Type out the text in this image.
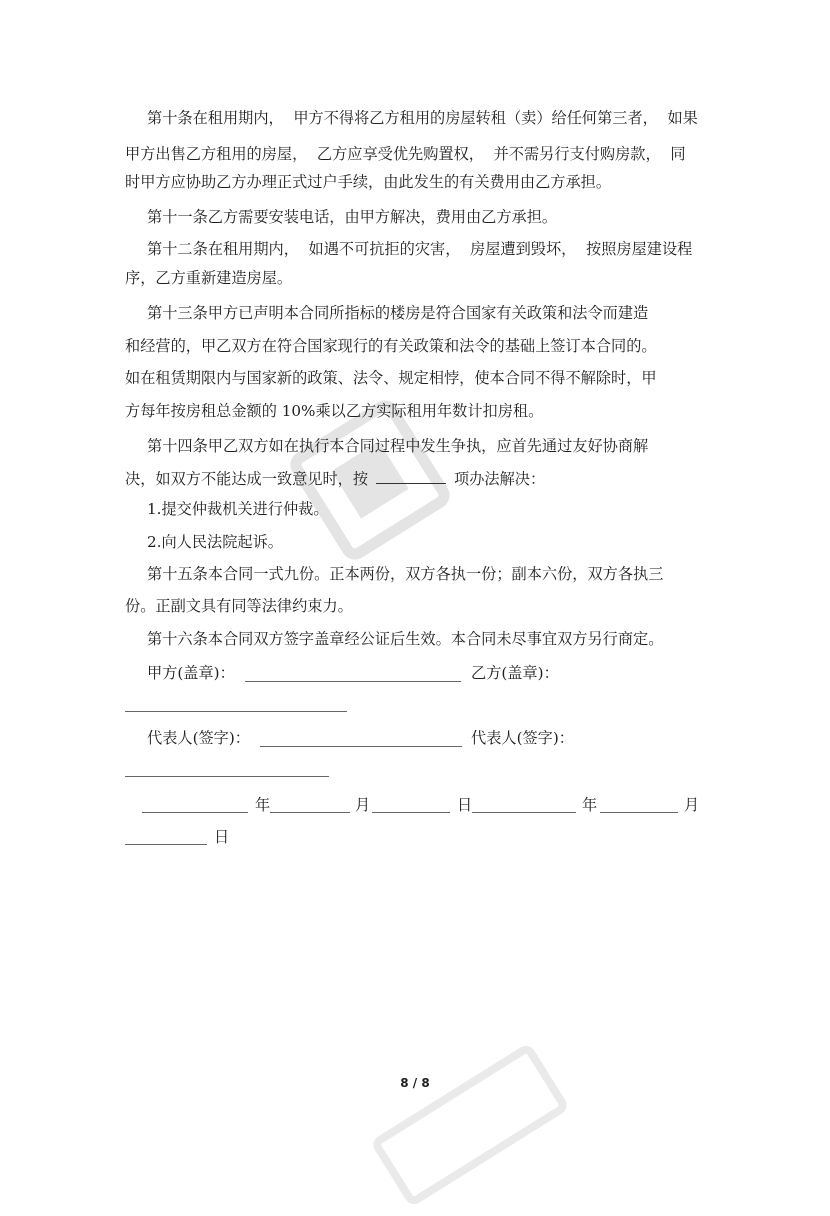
第十条在租用期内，  甲方不得将乙方租用的房屋转租（卖）给任何第三者，  如果
甲方出售乙方租用的房屋，  乙方应享受优先购置权，  并不需另行支付购房款，  同
时甲方应协助乙方办理正式过户手续，由此发生的有关费用由乙方承担。
第十一条乙方需要安装电话，由甲方解决，费用由乙方承担。
第十二条在租用期内，  如遇不可抗拒的灾害，  房屋遭到毁坏，  按照房屋建设程
序，乙方重新建造房屋。
第十三条甲方已声明本合同所指标的楼房是符合国家有关政策和法令而建造
和经营的，甲乙双方在符合国家现行的有关政策和法令的基础上签订本合同的。
如在租赁期限内与国家新的政策、法令、规定相悖，使本合同不得不解除时，甲
方每年按房租总金额的 10%乘以乙方实际租用年数计扣房租。
第十四条甲乙双方如在执行本合同过程中发生争执，应首先通过友好协商解
决，如双方不能达成一致意见时，按	项办法解决：
1.提交仲裁机关进行仲裁。
2.向人民法院起诉。
第十五条本合同一式九份。正本两份，双方各执一份；副本六份，双方各执三
份。正副文具有同等法律约束力。
第十六条本合同双方签字盖章经公证后生效。本合同未尽事宜双方另行商定。
甲方(盖章)：	乙方(盖章)：
代表人(签字)：	代表人(签字)：
年	月	日	年	月
日
8 / 8
